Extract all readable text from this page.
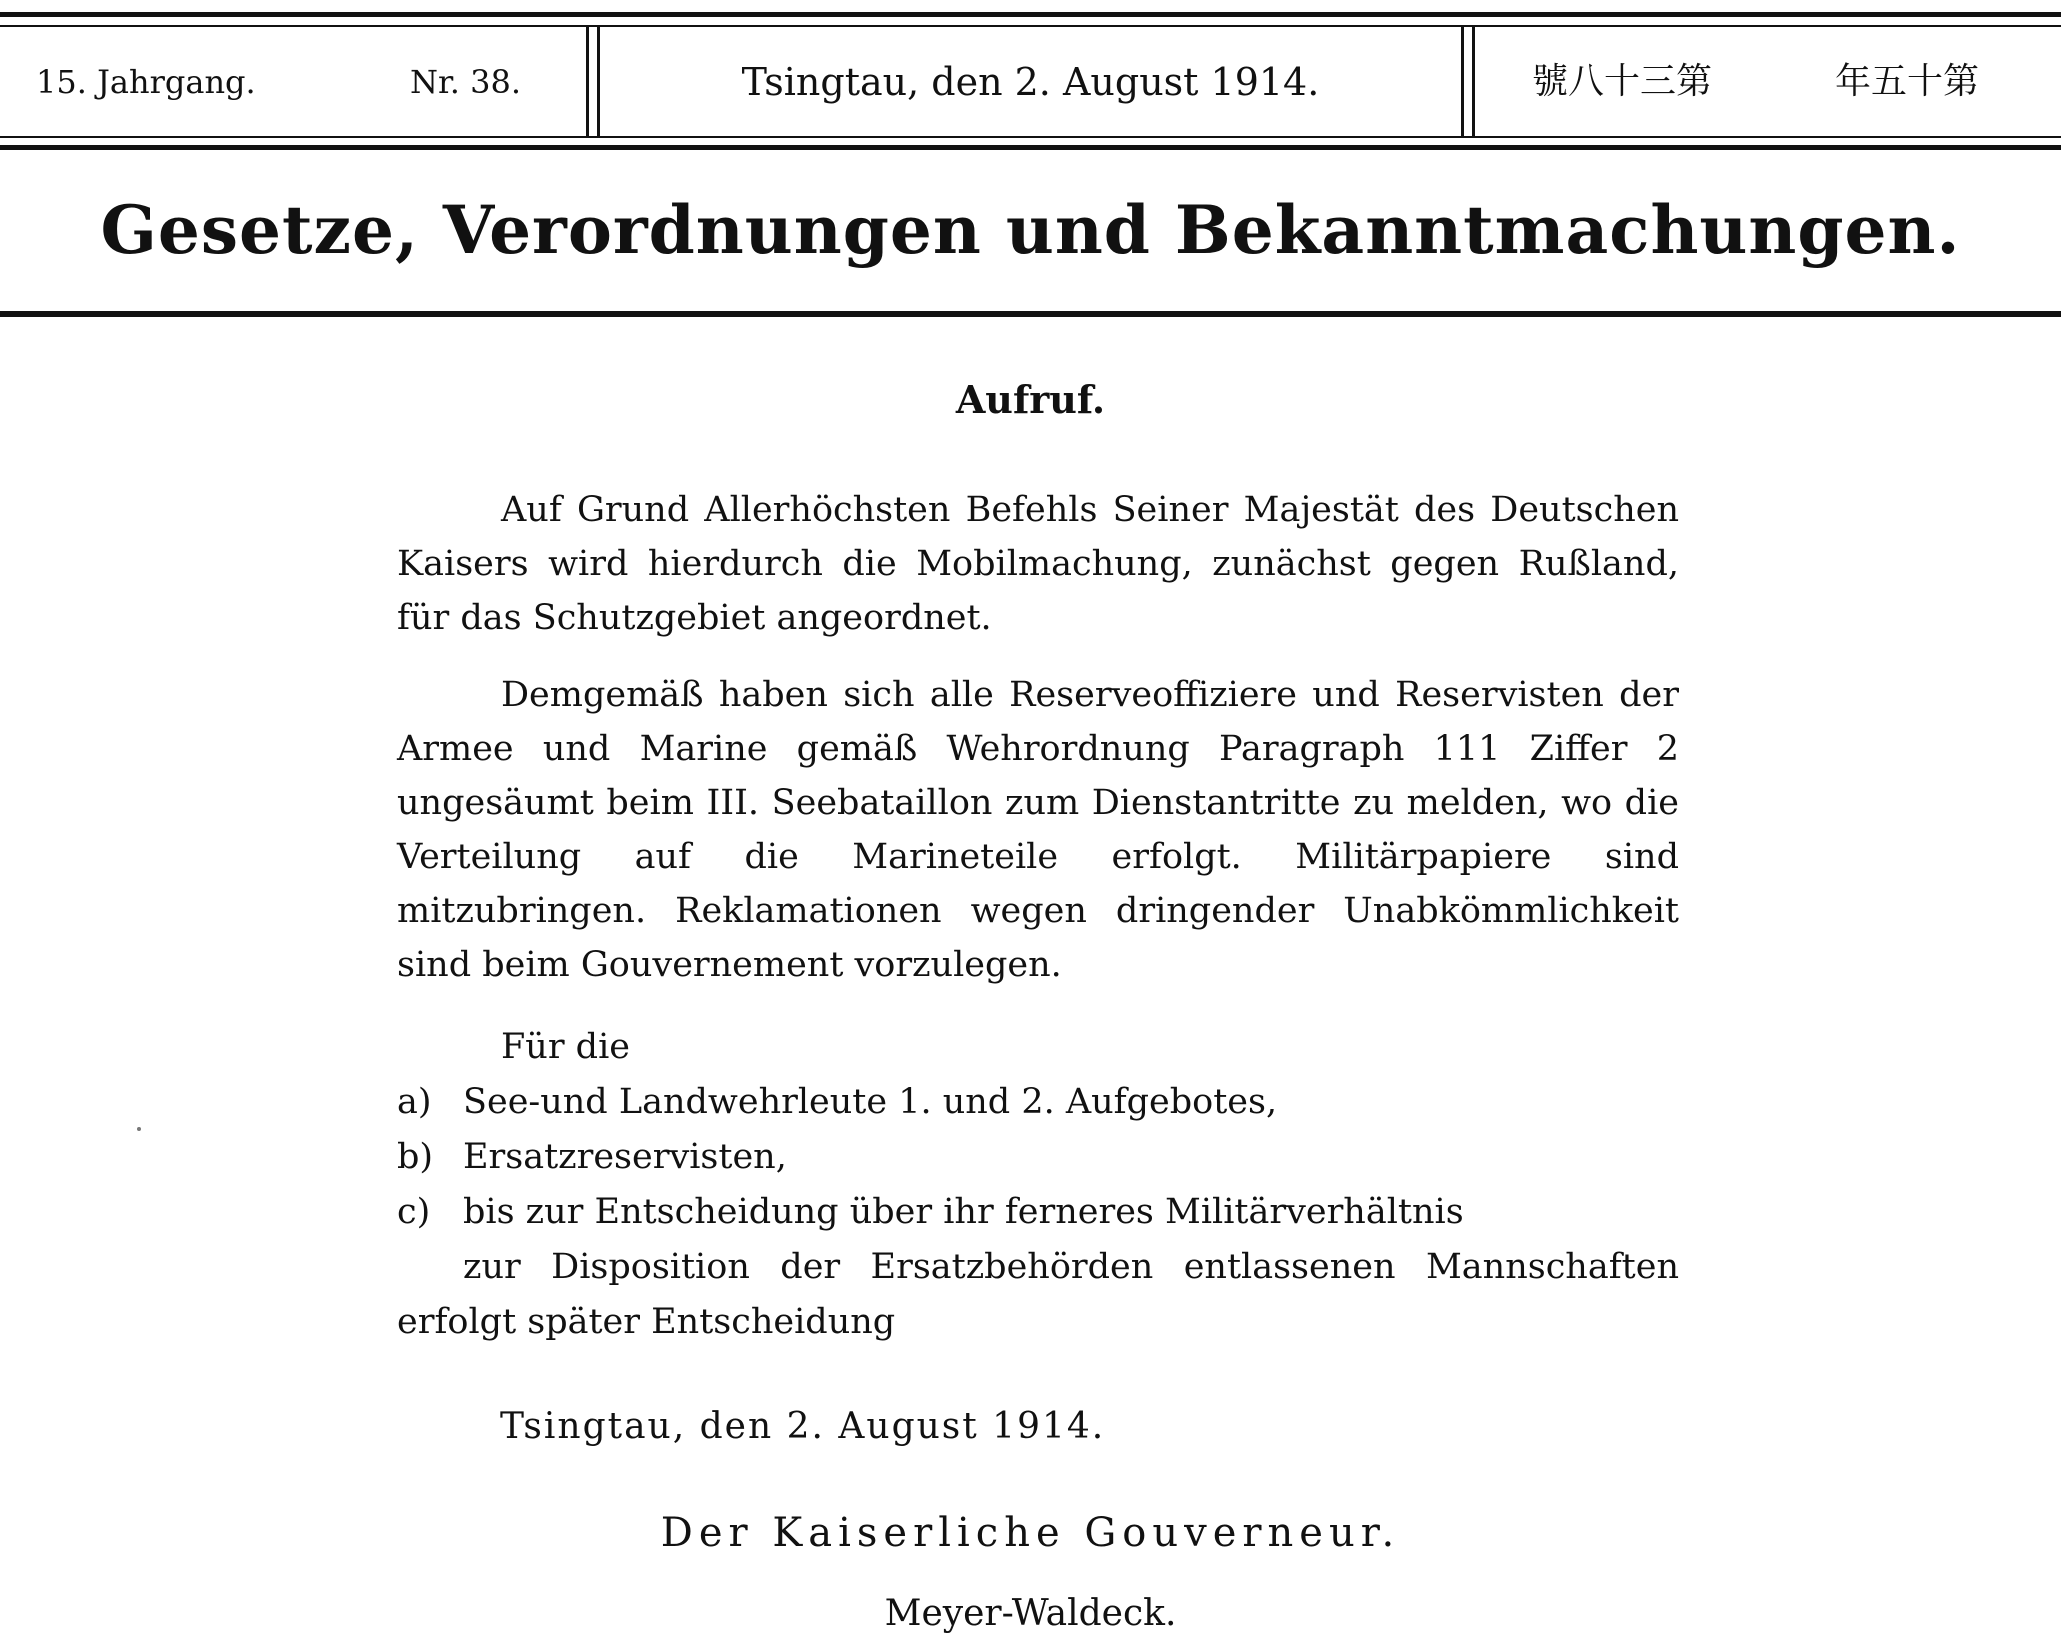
15. Jahrgang.	Nr. 38.	Tsingtau, den 2. August 1914.	號八十三第	年五十第
Gesetze, Verordnungen und Bekanntmachungen.
Aufruf.

Auf Grund Allerhöchsten Befehls Seiner Majestät des Deutschen Kaisers wird hierdurch die Mobilmachung, zunächst gegen Rußland, für das Schutzgebiet angeordnet.

Demgemäß haben sich alle Reserveoffiziere und Reservisten der Armee und Marine gemäß Wehrordnung Paragraph 111 Ziffer 2 ungesäumt beim III. Seebataillon zum Dienstantritte zu melden, wo die Verteilung auf die Marineteile erfolgt. Militärpapiere sind mitzubringen. Reklamationen wegen dringender Unabkömmlichkeit sind beim Gouvernement vorzulegen.

Für die
a) See-und Landwehrleute 1. und 2. Aufgebotes,
b) Ersatzreservisten,
c) bis zur Entscheidung über ihr ferneres Militärverhältnis
zur Disposition der Ersatzbehörden entlassenen Mannschaften erfolgt später Entscheidung
Tsingtau, den 2. August 1914.
Der Kaiserliche Gouverneur.
Meyer-Waldeck.
